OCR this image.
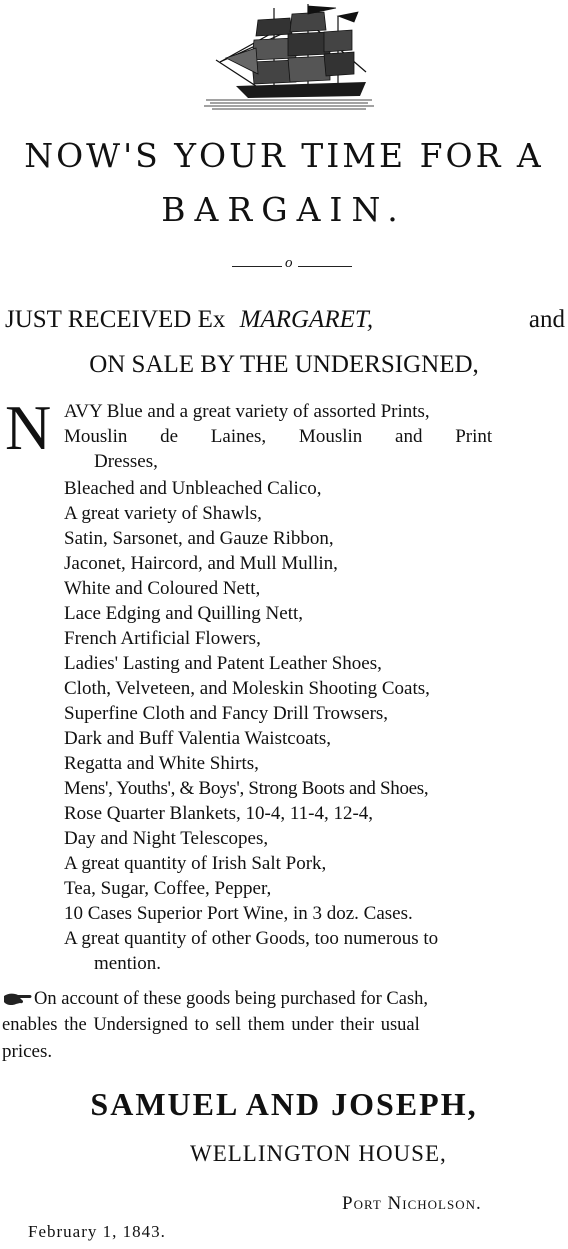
NOW'S YOUR TIME FOR A
BARGAIN.
o
JUST RECEIVED Ex MARGARET,	and
ON SALE BY THE UNDERSIGNED,
N AVY Blue and a great variety of assorted Prints,
Mouslin de Laines, Mouslin and Print
Dresses,
Bleached and Unbleached Calico,
A great variety of Shawls,
Satin, Sarsonet, and Gauze Ribbon,
Jaconet, Haircord, and Mull Mullin,
White and Coloured Nett,
Lace Edging and Quilling Nett,
French Artificial Flowers,
Ladies' Lasting and Patent Leather Shoes,
Cloth, Velveteen, and Moleskin Shooting Coats,
Superfine Cloth and Fancy Drill Trowsers,
Dark and Buff Valentia Waistcoats,
Regatta and White Shirts,
Mens', Youths', & Boys', Strong Boots and Shoes,
Rose Quarter Blankets, 10-4, 11-4, 12-4,
Day and Night Telescopes,
A great quantity of Irish Salt Pork,
Tea, Sugar, Coffee, Pepper,
10 Cases Superior Port Wine, in 3 doz. Cases.
A great quantity of other Goods, too numerous to
mention.
On account of these goods being purchased for Cash,
enables the Undersigned to sell them under their usual
prices.
SAMUEL AND JOSEPH,
WELLINGTON HOUSE,
Port Nicholson.
February 1, 1843.
